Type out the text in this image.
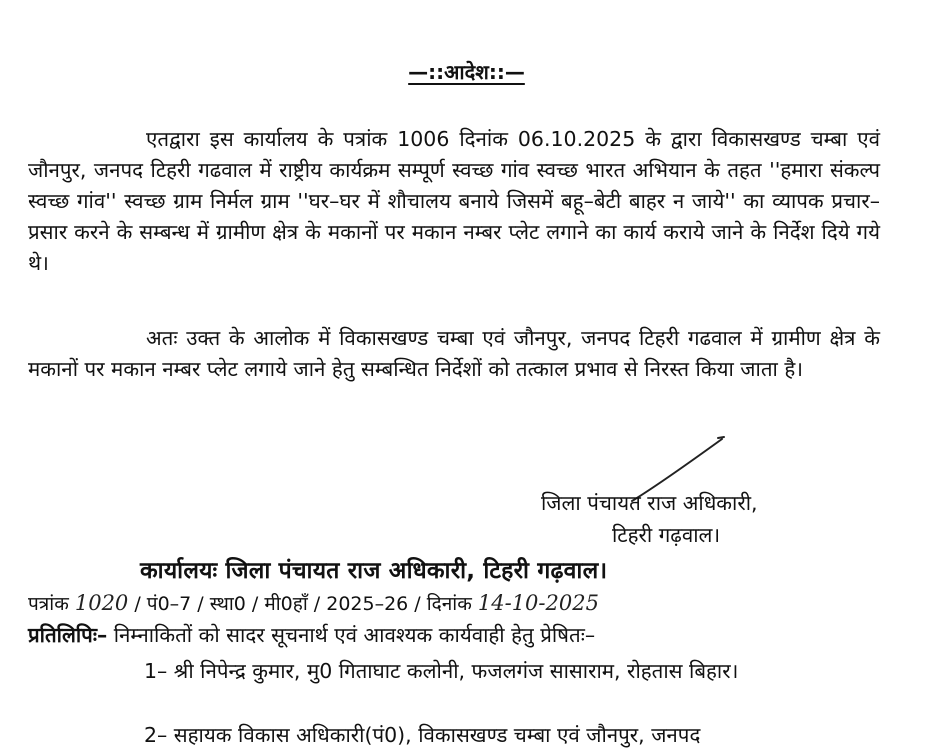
—::आदेश::—

एतद्वारा इस कार्यालय के पत्रांक 1006 दिनांक 06.10.2025 के द्वारा विकासखण्ड चम्बा एवं जौनपुर, जनपद टिहरी गढवाल में राष्ट्रीय कार्यक्रम सम्पूर्ण स्वच्छ गांव स्वच्छ भारत अभियान के तहत ''हमारा संकल्प स्वच्छ गांव'' स्वच्छ ग्राम निर्मल ग्राम ''घर–घर में शौचालय बनाये जिसमें बहू–बेटी बाहर न जाये'' का व्यापक प्रचार–प्रसार करने के सम्बन्ध में ग्रामीण क्षेत्र के मकानों पर मकान नम्बर प्लेट लगाने का कार्य कराये जाने के निर्देश दिये गये थे।

अतः उक्त के आलोक में विकासखण्ड चम्बा एवं जौनपुर, जनपद टिहरी गढवाल में ग्रामीण क्षेत्र के मकानों पर मकान नम्बर प्लेट लगाये जाने हेतु सम्बन्धित निर्देशों को तत्काल प्रभाव से निरस्त किया जाता है।

जिला पंचायत राज अधिकारी,
टिहरी गढ़वाल।
कार्यालयः जिला पंचायत राज अधिकारी, टिहरी गढ़वाल।
पत्रांक 1020 / पं0–7 / स्था0 / मी0हाँ / 2025–26 / दिनांक 14-10-2025
प्रतिलिपिः– निम्नाकितों को सादर सूचनार्थ एवं आवश्यक कार्यवाही हेतु प्रेषितः–

1– श्री निपेन्द्र कुमार, मु0 गिताघाट कलोनी, फजलगंज सासाराम, रोहतास बिहार।

2– सहायक विकास अधिकारी(पं0), विकासखण्ड चम्बा एवं जौनपुर, जनपद
